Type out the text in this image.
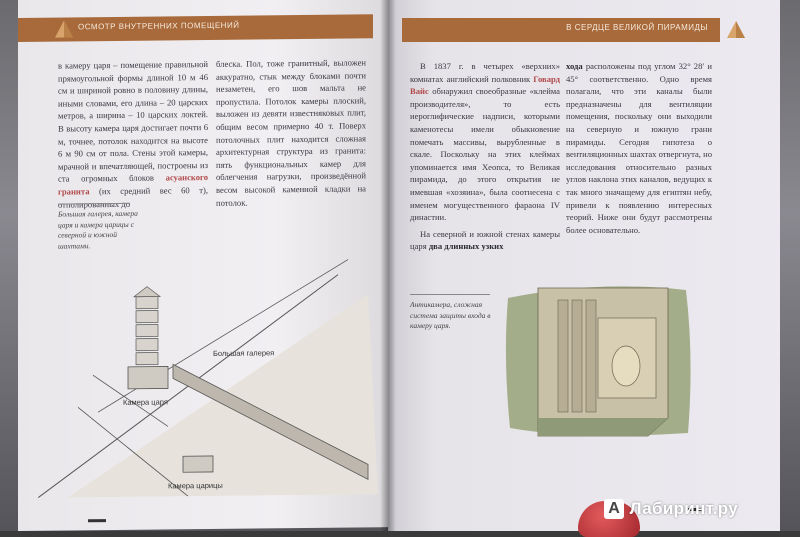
ОСМОТР ВНУТРЕННИХ ПОМЕЩЕНИЙ

в камеру царя – помещение правильной прямоугольной формы длиной 10 м 46 см и шириной ровно в половину длины, иными словами, его длина – 20 царских метров, а ширина – 10 царских локтей. В высоту камера царя достигает почти 6 м, точнее, потолок находится на высоте 6 м 90 см от пола. Стены этой камеры, мрачной и впечатляющей, построены из ста огромных блоков асуанского гранита (их средний вес 60 т),

блеска. Пол, тоже гранитный, выложен аккуратно, стык между блоками почти незаметен, его шов мальта не пропустила. Потолок камеры плоский, выложен из девяти известняковых плит, общим весом примерно 40 т. Поверх потолочных плит находится сложная архитектурная структура из гранита: пять функциональных камер для облегчения нагрузки, произведённой весом высокой каменной кладки на потолок.

Большая галерея, камера царя и камера царицы с северной и южной шахтами.
Большая галерея
Камера царя
Камера царицы
В СЕРДЦЕ ВЕЛИКОЙ ПИРАМИДЫ

В 1837 г. в четырех «верхних» комнатах английский полковник Говард Вайс обнаружил своеобразные «клейма производителя», то есть иероглифические надписи, которыми каменотесы имели обыкновение помечать массивы, вырубленные в скале. Поскольку на этих клеймах упоминается имя Хеопса, то Великая пирамида, до этого открытия не имевшая «хозяина», была соотнесена с именем могущественного фараона IV династии.

На северной и южной стенах камеры царя два длинных узких

хода расположены под углом 32° 28′ и 45° соответственно. Одно время полагали, что эти каналы были предназначены для вентиляции помещения, поскольку они выходили на северную и южную грани пирамиды. Сегодня гипотеза о вентиляционных шахтах отвергнута, но исследования относительно разных углов наклона этих каналов, ведущих к так много значащему для египтян небу, привели к появлению интересных теорий. Ниже они будут рассмотрены более основательно.

Антикамера, сложная система защиты входа в камеру царя.
А Лабиринт.ру
